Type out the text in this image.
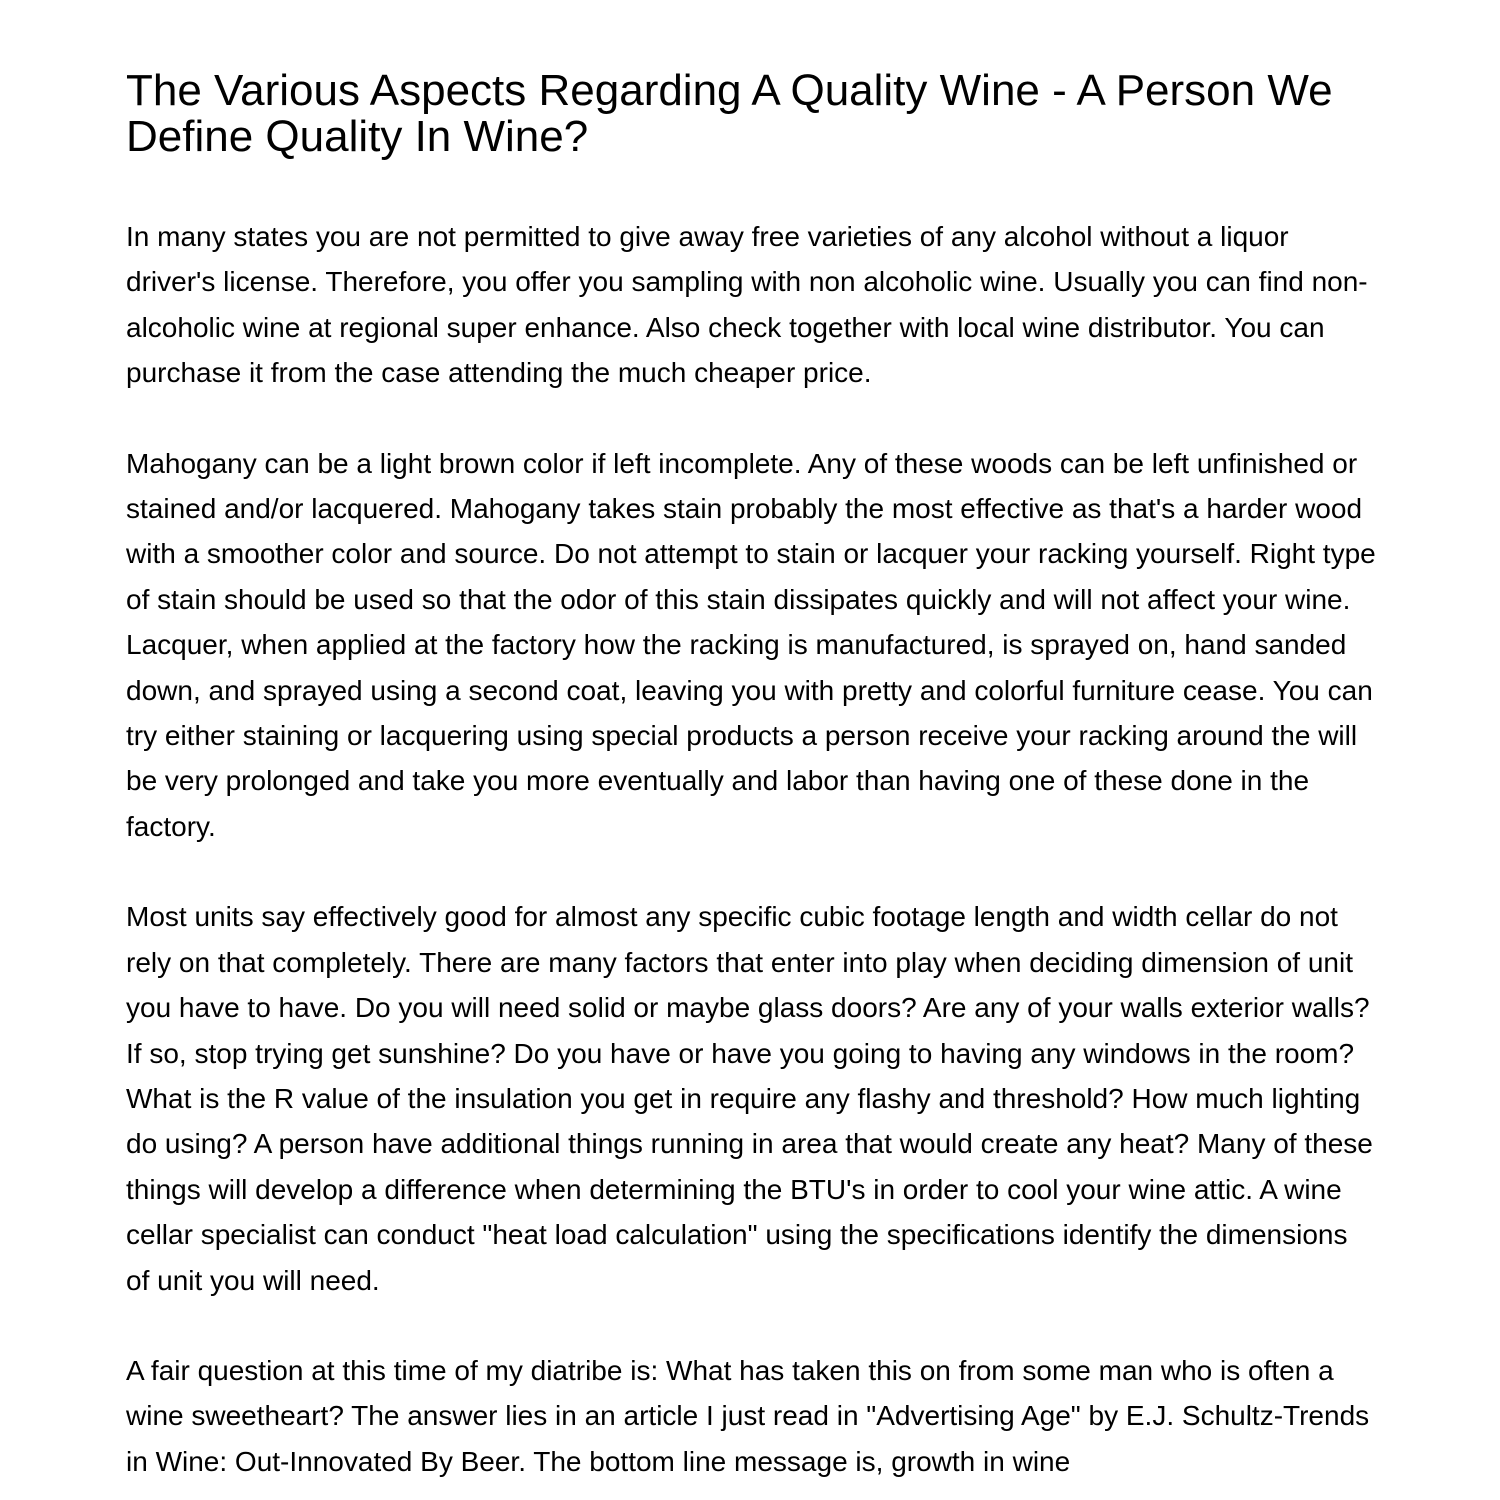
The Various Aspects Regarding A Quality Wine - A Person We Define Quality In Wine?

In many states you are not permitted to give away free varieties of any alcohol without a liquor driver's license. Therefore, you offer you sampling with non alcoholic wine. Usually you can find non-alcoholic wine at regional super enhance. Also check together with local wine distributor. You can purchase it from the case attending the much cheaper price.

Mahogany can be a light brown color if left incomplete. Any of these woods can be left unfinished or stained and/or lacquered. Mahogany takes stain probably the most effective as that's a harder wood with a smoother color and source. Do not attempt to stain or lacquer your racking yourself. Right type of stain should be used so that the odor of this stain dissipates quickly and will not affect your wine. Lacquer, when applied at the factory how the racking is manufactured, is sprayed on, hand sanded down, and sprayed using a second coat, leaving you with pretty and colorful furniture cease. You can try either staining or lacquering using special products a person receive your racking around the will be very prolonged and take you more eventually and labor than having one of these done in the factory.

Most units say effectively good for almost any specific cubic footage length and width cellar do not rely on that completely. There are many factors that enter into play when deciding dimension of unit you have to have. Do you will need solid or maybe glass doors? Are any of your walls exterior walls? If so, stop trying get sunshine? Do you have or have you going to having any windows in the room? What is the R value of the insulation you get in require any flashy and threshold? How much lighting do using? A person have additional things running in area that would create any heat? Many of these things will develop a difference when determining the BTU's in order to cool your wine attic. A wine cellar specialist can conduct "heat load calculation" using the specifications identify the dimensions of unit you will need.

A fair question at this time of my diatribe is: What has taken this on from some man who is often a wine sweetheart? The answer lies in an article I just read in "Advertising Age" by E.J. Schultz-Trends in Wine: Out-Innovated By Beer. The bottom line message is, growth in wine
